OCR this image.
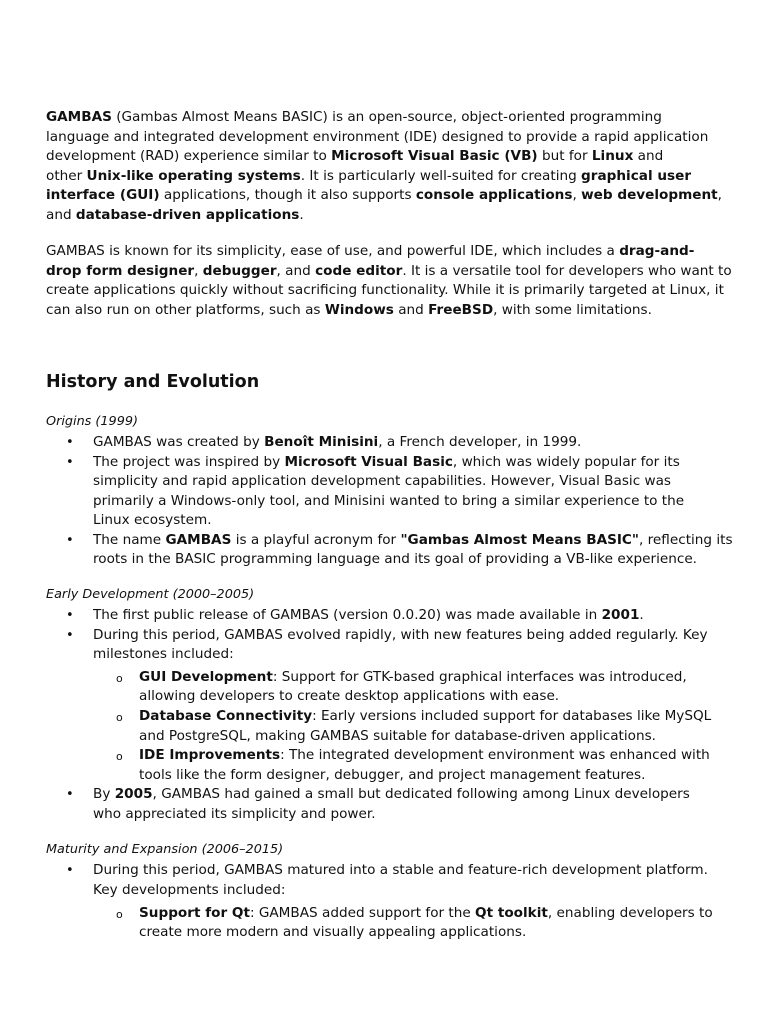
GAMBAS (Gambas Almost Means BASIC) is an open-source, object-oriented programming
language and integrated development environment (IDE) designed to provide a rapid application
development (RAD) experience similar to Microsoft Visual Basic (VB) but for Linux and
other Unix-like operating systems. It is particularly well-suited for creating graphical user
interface (GUI) applications, though it also supports console applications, web development,
and database-driven applications.
GAMBAS is known for its simplicity, ease of use, and powerful IDE, which includes a drag-and-
drop form designer, debugger, and code editor. It is a versatile tool for developers who want to
create applications quickly without sacrificing functionality. While it is primarily targeted at Linux, it
can also run on other platforms, such as Windows and FreeBSD, with some limitations.
History and Evolution
Origins (1999)
• GAMBAS was created by Benoît Minisini, a French developer, in 1999.
• The project was inspired by Microsoft Visual Basic, which was widely popular for its
simplicity and rapid application development capabilities. However, Visual Basic was
primarily a Windows-only tool, and Minisini wanted to bring a similar experience to the
Linux ecosystem.
• The name GAMBAS is a playful acronym for "Gambas Almost Means BASIC", reflecting its
roots in the BASIC programming language and its goal of providing a VB-like experience.
Early Development (2000–2005)
• The first public release of GAMBAS (version 0.0.20) was made available in 2001.
• During this period, GAMBAS evolved rapidly, with new features being added regularly. Key
milestones included:
o GUI Development: Support for GTK-based graphical interfaces was introduced,
allowing developers to create desktop applications with ease.
o Database Connectivity: Early versions included support for databases like MySQL
and PostgreSQL, making GAMBAS suitable for database-driven applications.
o IDE Improvements: The integrated development environment was enhanced with
tools like the form designer, debugger, and project management features.
• By 2005, GAMBAS had gained a small but dedicated following among Linux developers
who appreciated its simplicity and power.
Maturity and Expansion (2006–2015)
• During this period, GAMBAS matured into a stable and feature-rich development platform.
Key developments included:
o Support for Qt: GAMBAS added support for the Qt toolkit, enabling developers to
create more modern and visually appealing applications.
